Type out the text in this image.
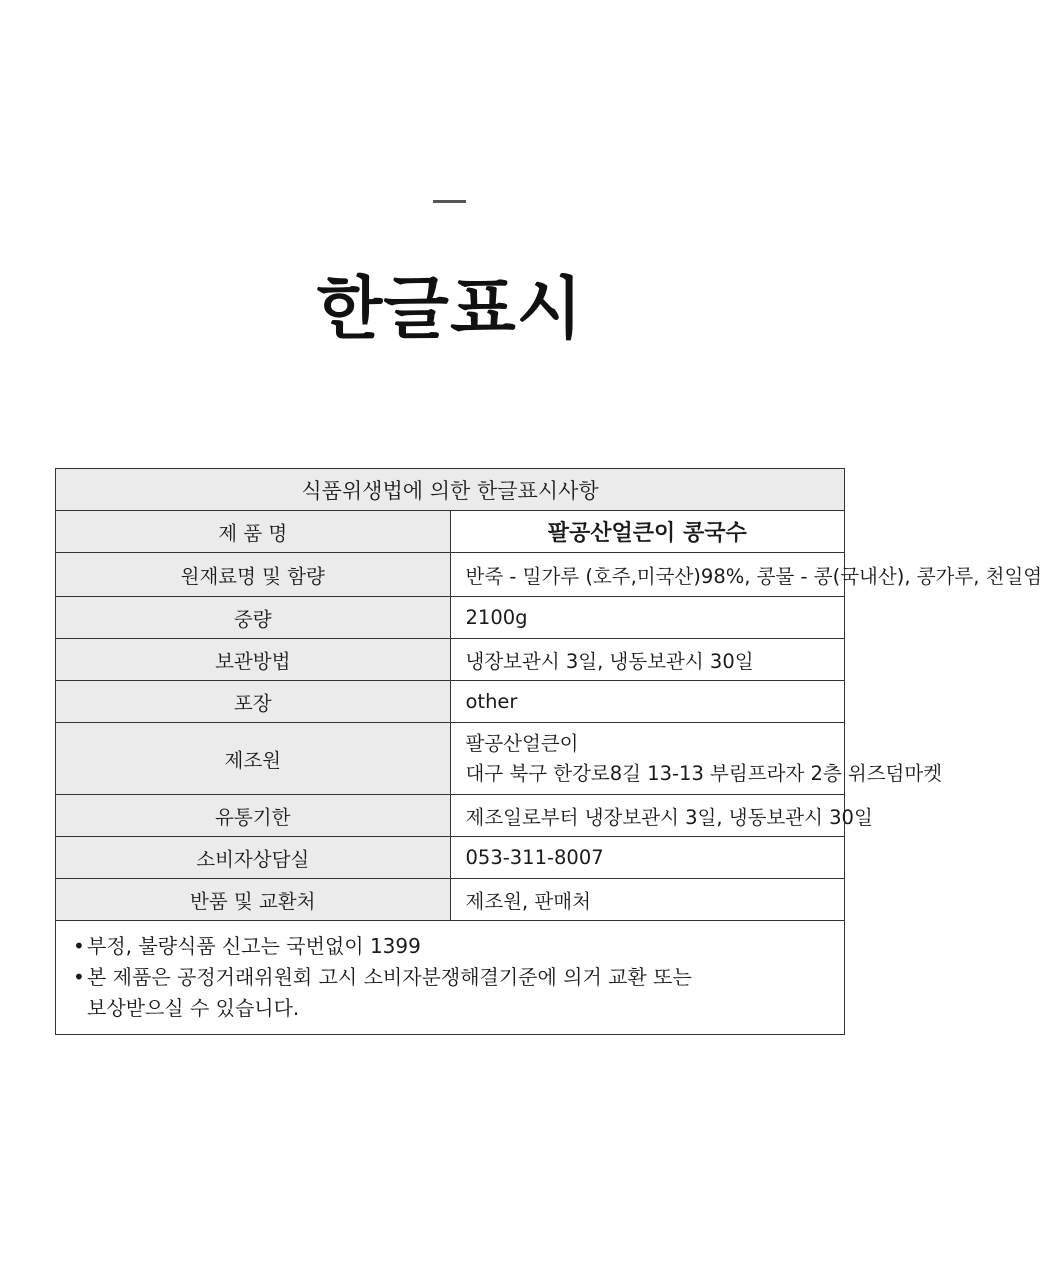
한글표시
식품위생법에 의한 한글표시사항	
제 품 명	팔공산얼큰이 콩국수
원재료명 및 함량	반죽 - 밀가루 (호주,미국산)98%, 콩물 - 콩(국내산), 콩가루, 천일염
중량	2100g
보관방법	냉장보관시 3일, 냉동보관시 30일
포장	other
제조원	팔공산얼큰이
대구 북구 한강로8길 13-13 부림프라자 2층 위즈덤마켓

유통기한	제조일로부터 냉장보관시 3일, 냉동보관시 30일
소비자상담실	053-311-8007
반품 및 교환처	제조원, 판매처

• 부정, 불량식품 신고는 국번없이 1399
• 본 제품은 공정거래위원회 고시 소비자분쟁해결기준에 의거 교환 또는
보상받으실 수 있습니다.	
